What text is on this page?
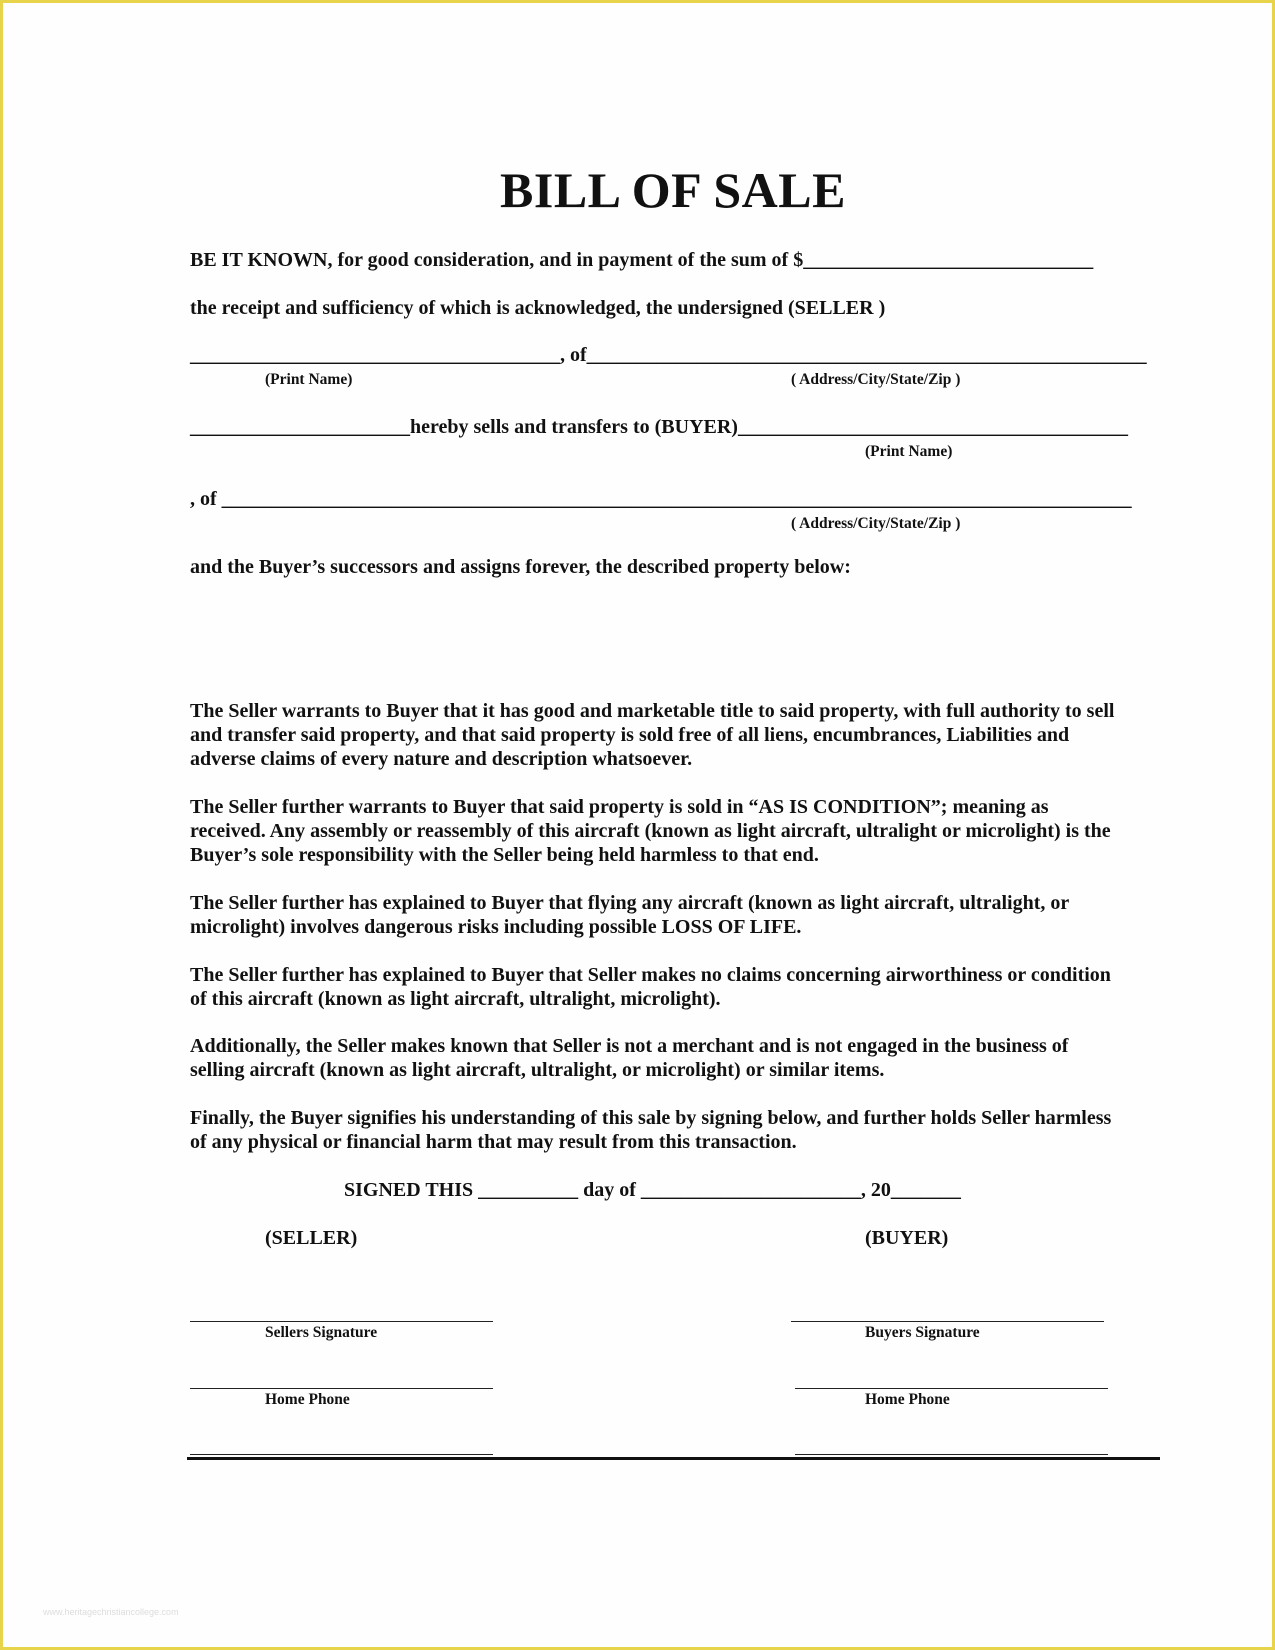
BILL OF SALE
BE IT KNOWN, for good consideration, and in payment of the sum of $_____________________________
the receipt and sufficiency of which is acknowledged, the undersigned (SELLER )
_____________________________________, of________________________________________________________
(Print Name)	( Address/City/State/Zip )
______________________hereby sells and transfers to (BUYER)_______________________________________
(Print Name)
, of ___________________________________________________________________________________________
( Address/City/State/Zip )
and the Buyer’s successors and assigns forever, the described property below:
The Seller warrants to Buyer that it has good and marketable title to said property, with full authority to sell
and transfer said property, and that said property is sold free of all liens, encumbrances, Liabilities and
adverse claims of every nature and description whatsoever.
The Seller further warrants to Buyer that said property is sold in “AS IS CONDITION”; meaning as
received. Any assembly or reassembly of this aircraft (known as light aircraft, ultralight or microlight) is the
Buyer’s sole responsibility with the Seller being held harmless to that end.
The Seller further has explained to Buyer that flying any aircraft (known as light aircraft, ultralight, or
microlight) involves dangerous risks including possible LOSS OF LIFE.
The Seller further has explained to Buyer that Seller makes no claims concerning airworthiness or condition
of this aircraft (known as light aircraft, ultralight, microlight).
Additionally, the Seller makes known that Seller is not a merchant and is not engaged in the business of
selling aircraft (known as light aircraft, ultralight, or microlight) or similar items.
Finally, the Buyer signifies his understanding of this sale by signing below, and further holds Seller harmless
of any physical or financial harm that may result from this transaction.
SIGNED THIS __________ day of ______________________, 20_______
(SELLER)	(BUYER)
Sellers Signature	Buyers Signature
Home Phone	Home Phone
www.heritagechristiancollege.com
